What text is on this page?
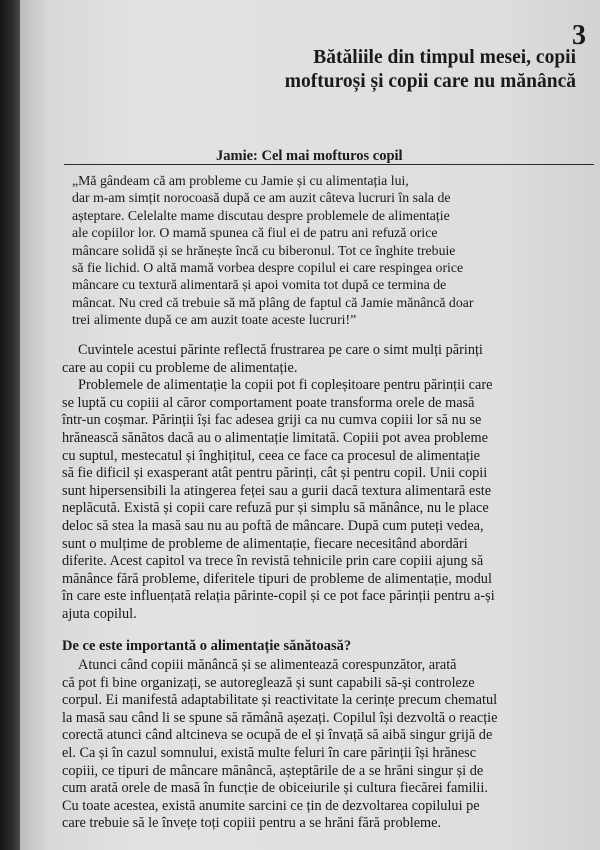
3
Bătăliile din timpul mesei, copii
mofturoși și copii care nu mănâncă
Jamie: Cel mai mofturos copil
„Mă gândeam că am probleme cu Jamie și cu alimentația lui,
dar m-am simțit norocoasă după ce am auzit câteva lucruri în sala de
așteptare. Celelalte mame discutau despre problemele de alimentație
ale copiilor lor. O mamă spunea că fiul ei de patru ani refuză orice
mâncare solidă și se hrănește încă cu biberonul. Tot ce înghite trebuie
să fie lichid. O altă mamă vorbea despre copilul ei care respingea orice
mâncare cu textură alimentară și apoi vomita tot după ce termina de
mâncat. Nu cred că trebuie să mă plâng de faptul că Jamie mănâncă doar
trei alimente după ce am auzit toate aceste lucruri!”
Cuvintele acestui părinte reflectă frustrarea pe care o simt mulți părinți
care au copii cu probleme de alimentație.
Problemele de alimentație la copii pot fi copleșitoare pentru părinții care
se luptă cu copiii al căror comportament poate transforma orele de masă
într-un coșmar. Părinții își fac adesea griji ca nu cumva copiii lor să nu se
hrănească sănătos dacă au o alimentație limitată. Copiii pot avea probleme
cu suptul, mestecatul și înghițitul, ceea ce face ca procesul de alimentație
să fie dificil și exasperant atât pentru părinți, cât și pentru copil. Unii copii
sunt hipersensibili la atingerea feței sau a gurii dacă textura alimentară este
neplăcută. Există și copii care refuză pur și simplu să mănânce, nu le place
deloc să stea la masă sau nu au poftă de mâncare. După cum puteți vedea,
sunt o mulțime de probleme de alimentație, fiecare necesitând abordări
diferite. Acest capitol va trece în revistă tehnicile prin care copiii ajung să
mănânce fără probleme, diferitele tipuri de probleme de alimentație, modul
în care este influențată relația părinte-copil și ce pot face părinții pentru a-și
ajuta copilul.
De ce este importantă o alimentație sănătoasă?
Atunci când copiii mănâncă și se alimentează corespunzător, arată
că pot fi bine organizați, se autoreglează și sunt capabili să-și controleze
corpul. Ei manifestă adaptabilitate și reactivitate la cerințe precum chematul
la masă sau când li se spune să rămână așezați. Copilul își dezvoltă o reacție
corectă atunci când altcineva se ocupă de el și învață să aibă singur grijă de
el. Ca și în cazul somnului, există multe feluri în care părinții își hrănesc
copiii, ce tipuri de mâncare mănâncă, așteptările de a se hrăni singur și de
cum arată orele de masă în funcție de obiceiurile și cultura fiecărei familii.
Cu toate acestea, există anumite sarcini ce țin de dezvoltarea copilului pe
care trebuie să le învețe toți copiii pentru a se hrăni fără probleme.
